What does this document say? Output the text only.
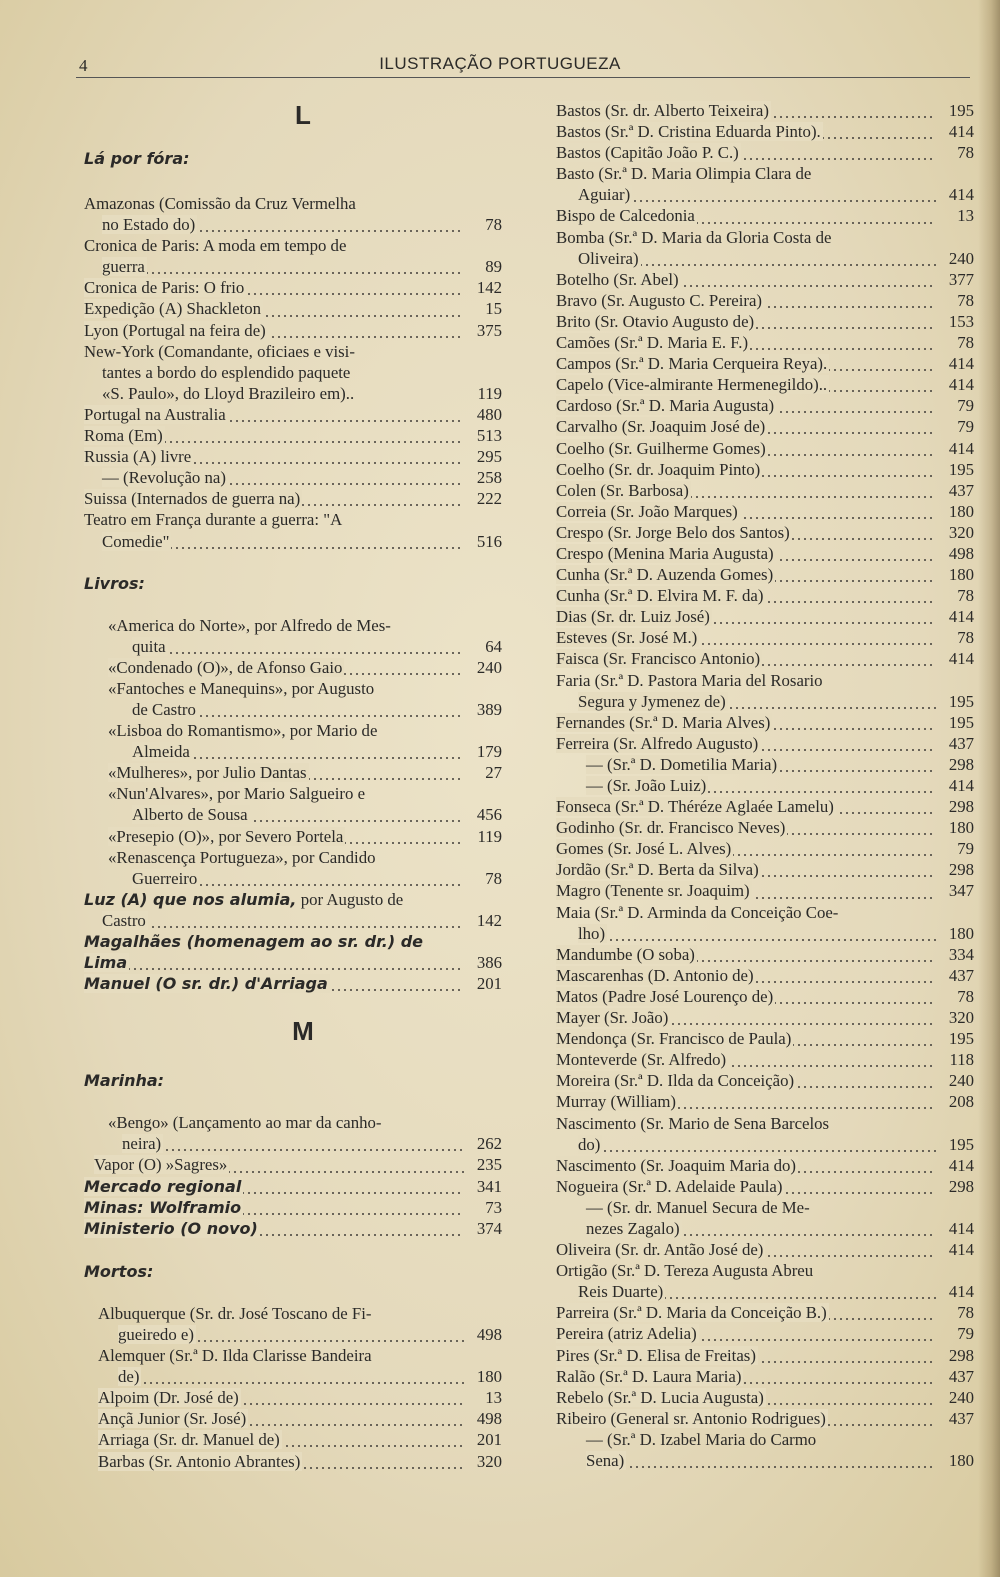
4	ILUSTRAÇÃO PORTUGUEZA
L
Lá por fóra:
Amazonas (Comissão da Cruz Vermelha
no Estado do)	78
Cronica de Paris: A moda em tempo de
guerra	89
Cronica de Paris: O frio	142
Expedição (A) Shackleton	15
Lyon (Portugal na feira de)	375
New-York (Comandante, oficiaes e visi-
tantes a bordo do esplendido paquete
«S. Paulo», do Lloyd Brazileiro em)..	119
Portugal na Australia	480
Roma (Em)	513
Russia (A) livre	295
— (Revolução na)	258
Suissa (Internados de guerra na)	222
Teatro em França durante a guerra: "A
Comedie"	516
Livros:
«America do Norte», por Alfredo de Mes-
quita	64
«Condenado (O)», de Afonso Gaio	240
«Fantoches e Manequins», por Augusto
de Castro	389
«Lisboa do Romantismo», por Mario de
Almeida	179
«Mulheres», por Julio Dantas	27
«Nun'Alvares», por Mario Salgueiro e
Alberto de Sousa	456
«Presepio (O)», por Severo Portela	119
«Renascença Portugueza», por Candido
Guerreiro	78
Luz (A) que nos alumia, por Augusto de
Castro	142
Magalhães (homenagem ao sr. dr.) de
Lima	386
Manuel (O sr. dr.) d'Arriaga	201
M
Marinha:
«Bengo» (Lançamento ao mar da canho-
neira)	262
Vapor (O) »Sagres»	235
Mercado regional	341
Minas: Wolframio	73
Ministerio (O novo)	374
Mortos:
Albuquerque (Sr. dr. José Toscano de Fi-
gueiredo e)	498
Alemquer (Sr.ª D. Ilda Clarisse Bandeira
de)	180
Alpoim (Dr. José de)	13
Ançã Junior (Sr. José)	498
Arriaga (Sr. dr. Manuel de)	201
Barbas (Sr. Antonio Abrantes)	320
Bastos (Sr. dr. Alberto Teixeira)	195
Bastos (Sr.ª D. Cristina Eduarda Pinto).	414
Bastos (Capitão João P. C.)	78
Basto (Sr.ª D. Maria Olimpia Clara de
Aguiar)	414
Bispo de Calcedonia	13
Bomba (Sr.ª D. Maria da Gloria Costa de
Oliveira)	240
Botelho (Sr. Abel)	377
Bravo (Sr. Augusto C. Pereira)	78
Brito (Sr. Otavio Augusto de)	153
Camões (Sr.ª D. Maria E. F.)	78
Campos (Sr.ª D. Maria Cerqueira Reya).	414
Capelo (Vice-almirante Hermenegildo)..	414
Cardoso (Sr.ª D. Maria Augusta)	79
Carvalho (Sr. Joaquim José de)	79
Coelho (Sr. Guilherme Gomes)	414
Coelho (Sr. dr. Joaquim Pinto)	195
Colen (Sr. Barbosa)	437
Correia (Sr. João Marques)	180
Crespo (Sr. Jorge Belo dos Santos)	320
Crespo (Menina Maria Augusta)	498
Cunha (Sr.ª D. Auzenda Gomes)	180
Cunha (Sr.ª D. Elvira M. F. da)	78
Dias (Sr. dr. Luiz José)	414
Esteves (Sr. José M.)	78
Faisca (Sr. Francisco Antonio)	414
Faria (Sr.ª D. Pastora Maria del Rosario
Segura y Jymenez de)	195
Fernandes (Sr.ª D. Maria Alves)	195
Ferreira (Sr. Alfredo Augusto)	437
— (Sr.ª D. Dometilia Maria)	298
— (Sr. João Luiz)	414
Fonseca (Sr.ª D. Théréze Aglaée Lamelu)	298
Godinho (Sr. dr. Francisco Neves)	180
Gomes (Sr. José L. Alves)	79
Jordão (Sr.ª D. Berta da Silva)	298
Magro (Tenente sr. Joaquim)	347
Maia (Sr.ª D. Arminda da Conceição Coe-
lho)	180
Mandumbe (O soba)	334
Mascarenhas (D. Antonio de)	437
Matos (Padre José Lourenço de)	78
Mayer (Sr. João)	320
Mendonça (Sr. Francisco de Paula)	195
Monteverde (Sr. Alfredo)	118
Moreira (Sr.ª D. Ilda da Conceição)	240
Murray (William)	208
Nascimento (Sr. Mario de Sena Barcelos
do)	195
Nascimento (Sr. Joaquim Maria do)	414
Nogueira (Sr.ª D. Adelaide Paula)	298
— (Sr. dr. Manuel Secura de Me-
nezes Zagalo)	414
Oliveira (Sr. dr. Antão José de)	414
Ortigão (Sr.ª D. Tereza Augusta Abreu
Reis Duarte)	414
Parreira (Sr.ª D. Maria da Conceição B.)	78
Pereira (atriz Adelia)	79
Pires (Sr.ª D. Elisa de Freitas)	298
Ralão (Sr.ª D. Laura Maria)	437
Rebelo (Sr.ª D. Lucia Augusta)	240
Ribeiro (General sr. Antonio Rodrigues)	437
— (Sr.ª D. Izabel Maria do Carmo
Sena)	180
